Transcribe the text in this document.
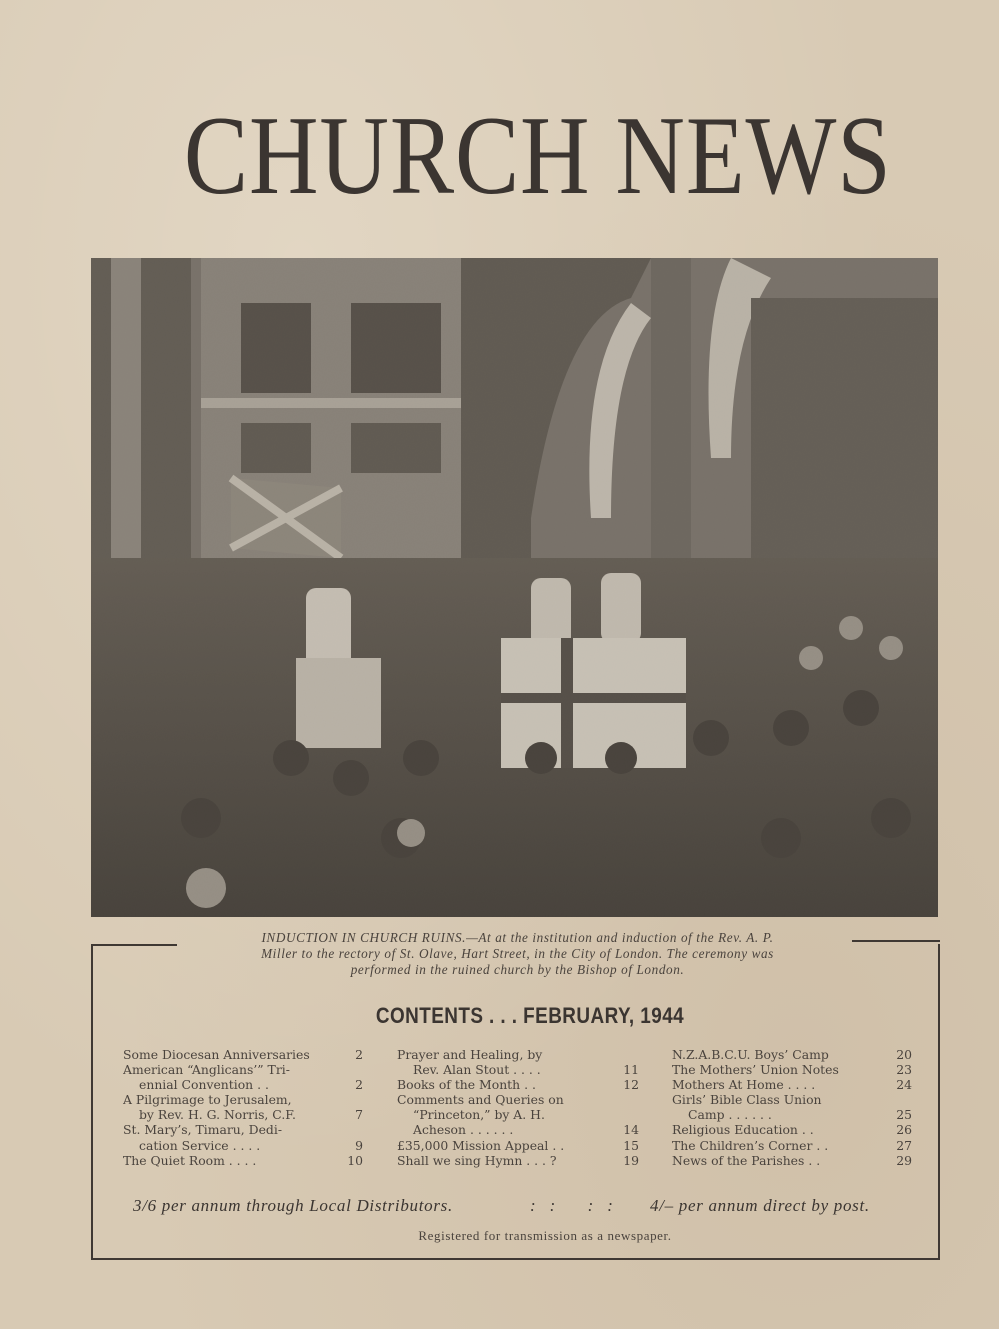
CHURCH NEWS
INDUCTION IN CHURCH RUINS.—At at the institution and induction of the Rev. A. P.
Miller to the rectory of St. Olave, Hart Street, in the City of London. The ceremony was
performed in the ruined church by the Bishop of London.
CONTENTS . . . FEBRUARY, 1944
Some Diocesan Anniversaries	2
American “Anglicans’” Tri-
ennial Convention . .	2
A Pilgrimage to Jerusalem,
by Rev. H. G. Norris, C.F.	7
St. Mary’s, Timaru, Dedi-
cation Service . . . .	9
The Quiet Room . . . .	10
Prayer and Healing, by
Rev. Alan Stout . . . .	11
Books of the Month . .	12
Comments and Queries on
“Princeton,” by A. H.
Acheson . . . . . .	14
£35,000 Mission Appeal . .	15
Shall we sing Hymn . . . ?	19
N.Z.A.B.C.U. Boys’ Camp	20
The Mothers’ Union Notes	23
Mothers At Home . . . .	24
Girls’ Bible Class Union
Camp . . . . . .	25
Religious Education . .	26
The Children’s Corner . .	27
News of the Parishes . .	29
3/6 per annum through Local Distributors.	:: :: 4/– per annum direct by post.
Registered for transmission as a newspaper.
